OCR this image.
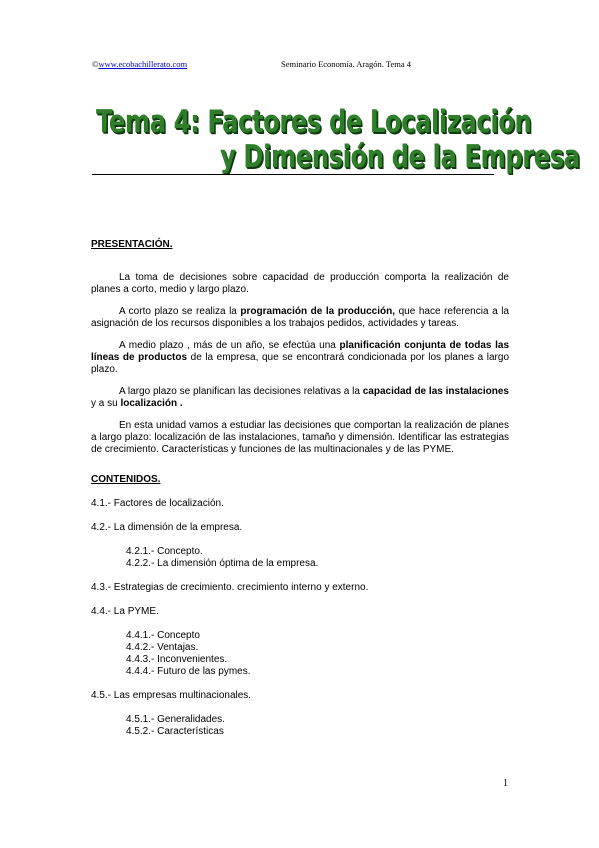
©www.ecobachillerato.com	Seminario Economía. Aragón. Tema 4
Tema 4: Factores de Localización
y Dimensión de la Empresa

PRESENTACIÓN.

La toma de decisiones sobre capacidad de producción comporta la realización de planes a corto, medio y largo plazo.

A corto plazo se realiza la programación de la producción, que hace referencia a la asignación de los recursos disponibles a los trabajos pedidos, actividades y tareas.

A medio plazo , más de un año, se efectúa una planificación conjunta de todas las líneas de productos de la empresa, que se encontrará condicionada por los planes a largo plazo.

A largo plazo se planifican las decisiones relativas a la capacidad de las instalaciones y a su localización .

En esta unidad vamos a estudiar las decisiones que comportan la realización de planes a largo plazo: localización de las instalaciones, tamaño y dimensión. Identificar las estrategias de crecimiento. Características y funciones de las multinacionales y de las PYME.

CONTENIDOS.

4.1.- Factores de localización.

4.2.- La dimensión de la empresa.

4.2.1.- Concepto.

4.2.2.- La dimensión óptima de la empresa.

4.3.- Estrategias de crecimiento. crecimiento interno y externo.

4.4.- La PYME.

4.4.1.- Concepto

4.4.2.- Ventajas.

4.4.3.- Inconvenientes.

4.4.4.- Futuro de las pymes.

4.5.- Las empresas multinacionales.

4.5.1.- Generalidades.

4.5.2.- Características

1
